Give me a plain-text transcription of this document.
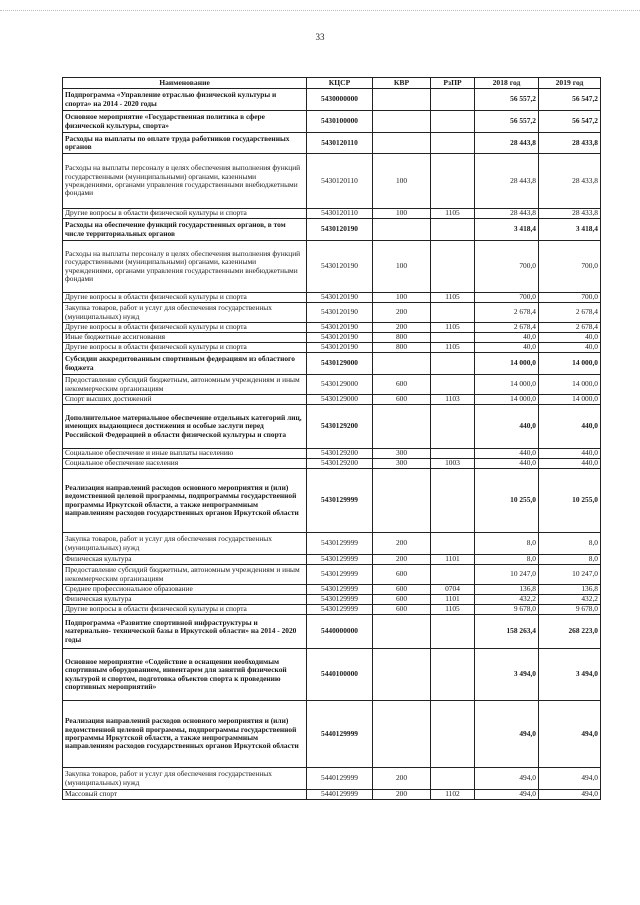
33
Наименование	КЦСР	КВР	РзПР	2018 год	2019 год
Подпрограмма «Управление отраслью физической культуры и спорта» на 2014 - 2020 годы	5430000000			56 557,2	56 547,2
Основное мероприятие «Государственная политика в сфере физической культуры, спорта»	5430100000			56 557,2	56 547,2
Расходы на выплаты по оплате труда работников государственных органов	5430120110			28 443,8	28 433,8
Расходы на выплаты персоналу в целях обеспечения выполнения функций государственными (муниципальными) органами, казенными учреждениями, органами управления государственными внебюджетными фондами	5430120110	100		28 443,8	28 433,8
Другие вопросы в области физической культуры и спорта	5430120110	100	1105	28 443,8	28 433,8
Расходы на обеспечение функций государственных органов, в том числе территориальных органов	5430120190			3 418,4	3 418,4
Расходы на выплаты персоналу в целях обеспечения выполнения функций государственными (муниципальными) органами, казенными учреждениями, органами управления государственными внебюджетными фондами	5430120190	100		700,0	700,0
Другие вопросы в области физической культуры и спорта	5430120190	100	1105	700,0	700,0
Закупка товаров, работ и услуг для обеспечения государственных (муниципальных) нужд	5430120190	200		2 678,4	2 678,4
Другие вопросы в области физической культуры и спорта	5430120190	200	1105	2 678,4	2 678,4
Иные бюджетные ассигнования	5430120190	800		40,0	40,0
Другие вопросы в области физической культуры и спорта	5430120190	800	1105	40,0	40,0
Субсидии аккредитованным спортивным федерациям из областного бюджета	5430129000			14 000,0	14 000,0
Предоставление субсидий бюджетным, автономным учреждениям и иным некоммерческим организациям	5430129000	600		14 000,0	14 000,0
Спорт высших достижений	5430129000	600	1103	14 000,0	14 000,0
Дополнительное материальное обеспечение отдельных категорий лиц, имеющих выдающиеся достижения и особые заслуги перед Российской Федерацией в области физической культуры и спорта	5430129200			440,0	440,0
Социальное обеспечение и иные выплаты населению	5430129200	300		440,0	440,0
Социальное обеспечение населения	5430129200	300	1003	440,0	440,0
Реализация направлений расходов основного мероприятия и (или) ведомственной целевой программы, подпрограммы государственной программы Иркутской области, а также непрограммным направлениям расходов государственных органов Иркутской области	5430129999			10 255,0	10 255,0
Закупка товаров, работ и услуг для обеспечения государственных (муниципальных) нужд	5430129999	200		8,0	8,0
Физическая культура	5430129999	200	1101	8,0	8,0
Предоставление субсидий бюджетным, автономным учреждениям и иным некоммерческим организациям	5430129999	600		10 247,0	10 247,0
Среднее профессиональное образование	5430129999	600	0704	136,8	136,8
Физическая культура	5430129999	600	1101	432,2	432,2
Другие вопросы в области физической культуры и спорта	5430129999	600	1105	9 678,0	9 678,0
Подпрограмма «Развитие спортивной инфраструктуры и материально- технической базы в Иркутской области» на 2014 - 2020 годы	5440000000			158 263,4	268 223,0
Основное мероприятие «Содействие в оснащении необходимым спортивным оборудованием, инвентарем для занятий физической культурой и спортом, подготовка объектов спорта к проведению спортивных мероприятий»	5440100000			3 494,0	3 494,0
Реализация направлений расходов основного мероприятия и (или) ведомственной целевой программы, подпрограммы государственной программы Иркутской области, а также непрограммным направлениям расходов государственных органов Иркутской области	5440129999			494,0	494,0
Закупка товаров, работ и услуг для обеспечения государственных (муниципальных) нужд	5440129999	200		494,0	494,0
Массовый спорт	5440129999	200	1102	494,0	494,0
